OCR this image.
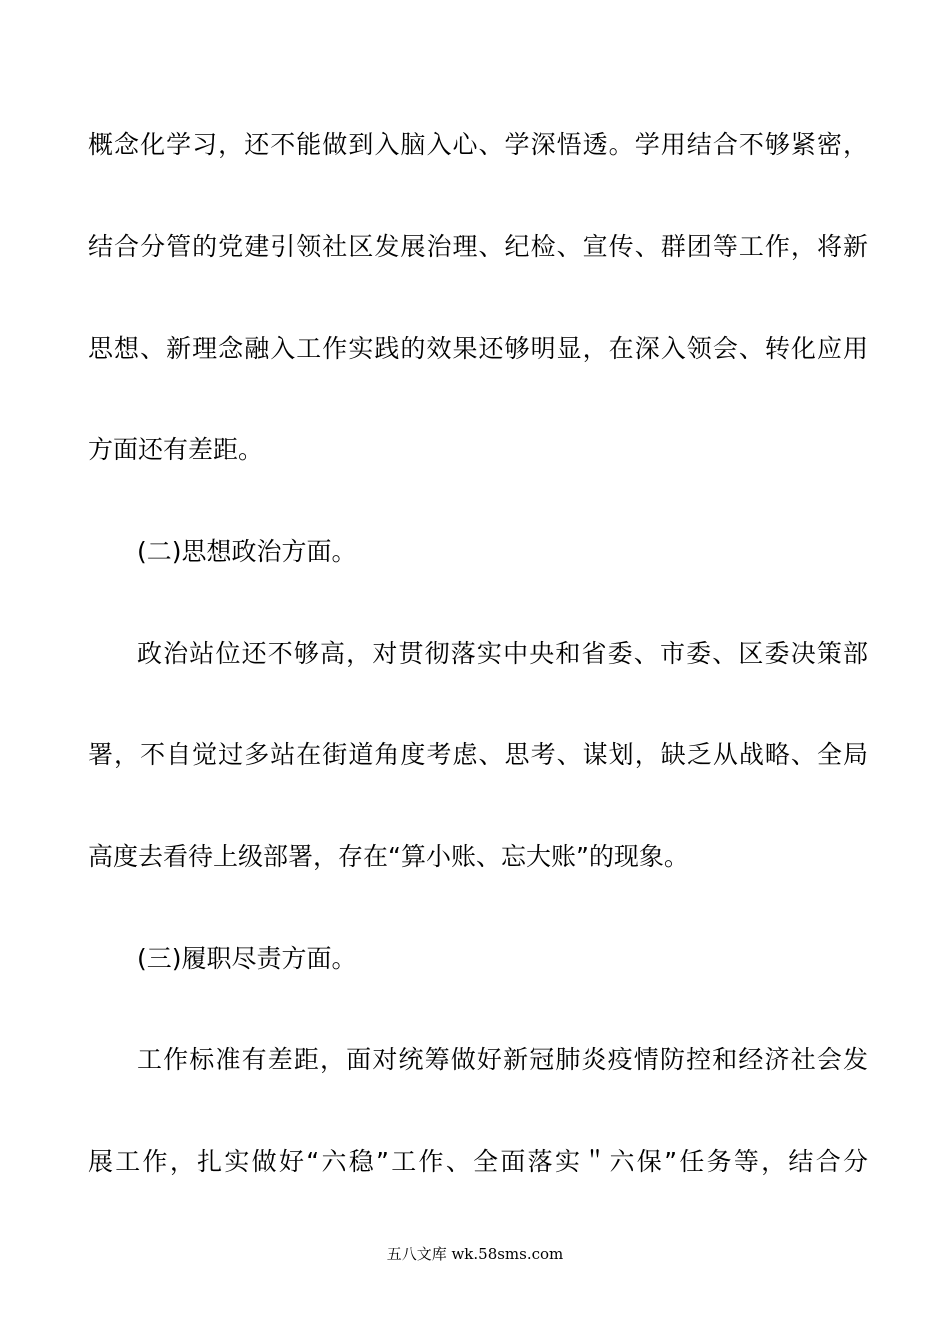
概念化学习，还不能做到入脑入心、学深悟透。学用结合不够紧密，
结合分管的党建引领社区发展治理、纪检、宣传、群团等工作，将新
思想、新理念融入工作实践的效果还够明显，在深入领会、转化应用
方面还有差距。
(二)思想政治方面。
政治站位还不够高，对贯彻落实中央和省委、市委、区委决策部
署，不自觉过多站在街道角度考虑、思考、谋划，缺乏从战略、全局
高度去看待上级部署，存在“算小账、忘大账”的现象。
(三)履职尽责方面。
工作标准有差距，面对统筹做好新冠肺炎疫情防控和经济社会发
展工作，扎实做好“六稳”工作、全面落实＂六保”任务等，结合分
五八文库 wk.58sms.com
